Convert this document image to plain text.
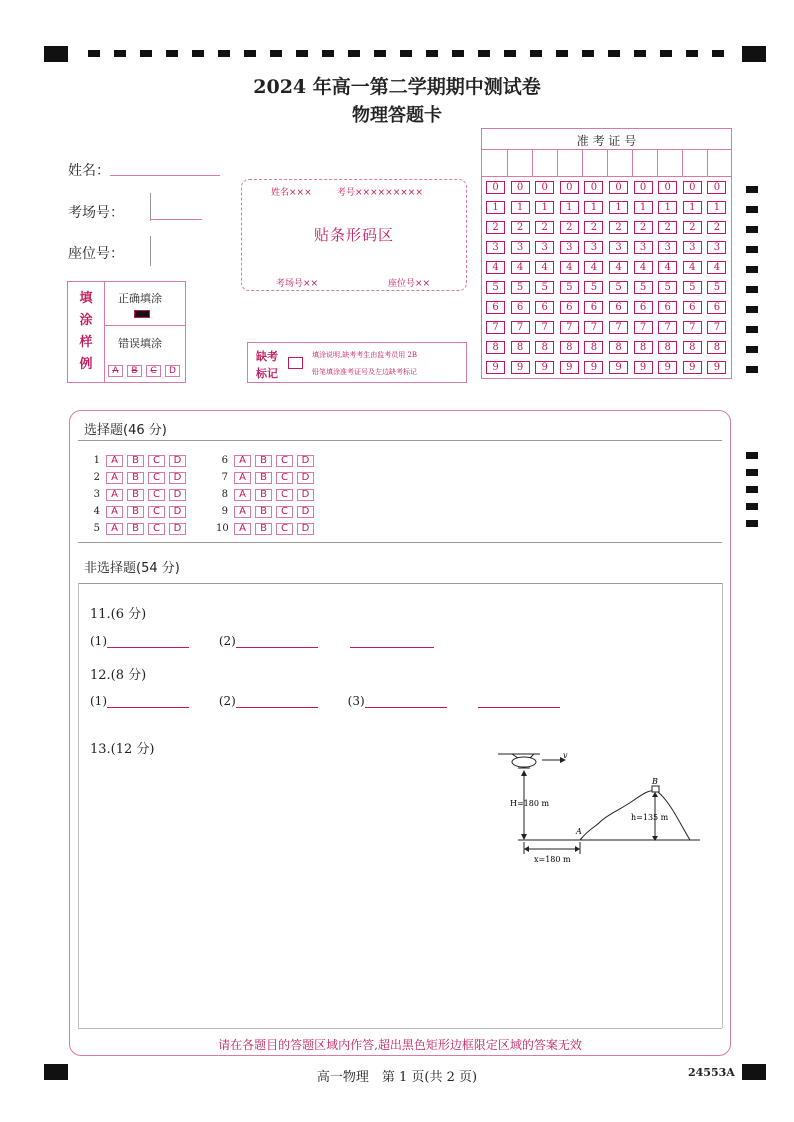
2024 年高一第二学期期中测试卷
物理答题卡
姓名：
考场号：
座位号：
姓名×××	考号×××××××××
贴条形码区
考场号××	座位号××
填
涂
样
例
正确填涂
错误填涂
A B C D
缺考
标记
填涂说明,缺考考生由监考员用 2B
铅笔填涂准考证号及左边缺考标记
准 考 证 号
0	0	0	0	0	0	0	0	0	0
1	1	1	1	1	1	1	1	1	1
2	2	2	2	2	2	2	2	2	2
3	3	3	3	3	3	3	3	3	3
4	4	4	4	4	4	4	4	4	4
5	5	5	5	5	5	5	5	5	5
6	6	6	6	6	6	6	6	6	6
7	7	7	7	7	7	7	7	7	7
8	8	8	8	8	8	8	8	8	8
9	9	9	9	9	9	9	9	9	9
选择题(46 分)
1 A B C D
2 A B C D
3 A B C D
4 A B C D
5 A B C D
6 A B C D
7 A B C D
8 A B C D
9 A B C D
10 A B C D
非选择题(54 分)
11.(6 分)
(1)	(2)
12.(8 分)
(1)	(2)	(3)
13.(12 分)	v
H=180 m
B
A
h=135 m
x=180 m
请在各题目的答题区域内作答,超出黑色矩形边框限定区域的答案无效
高一物理　第 1 页(共 2 页)	24553A
